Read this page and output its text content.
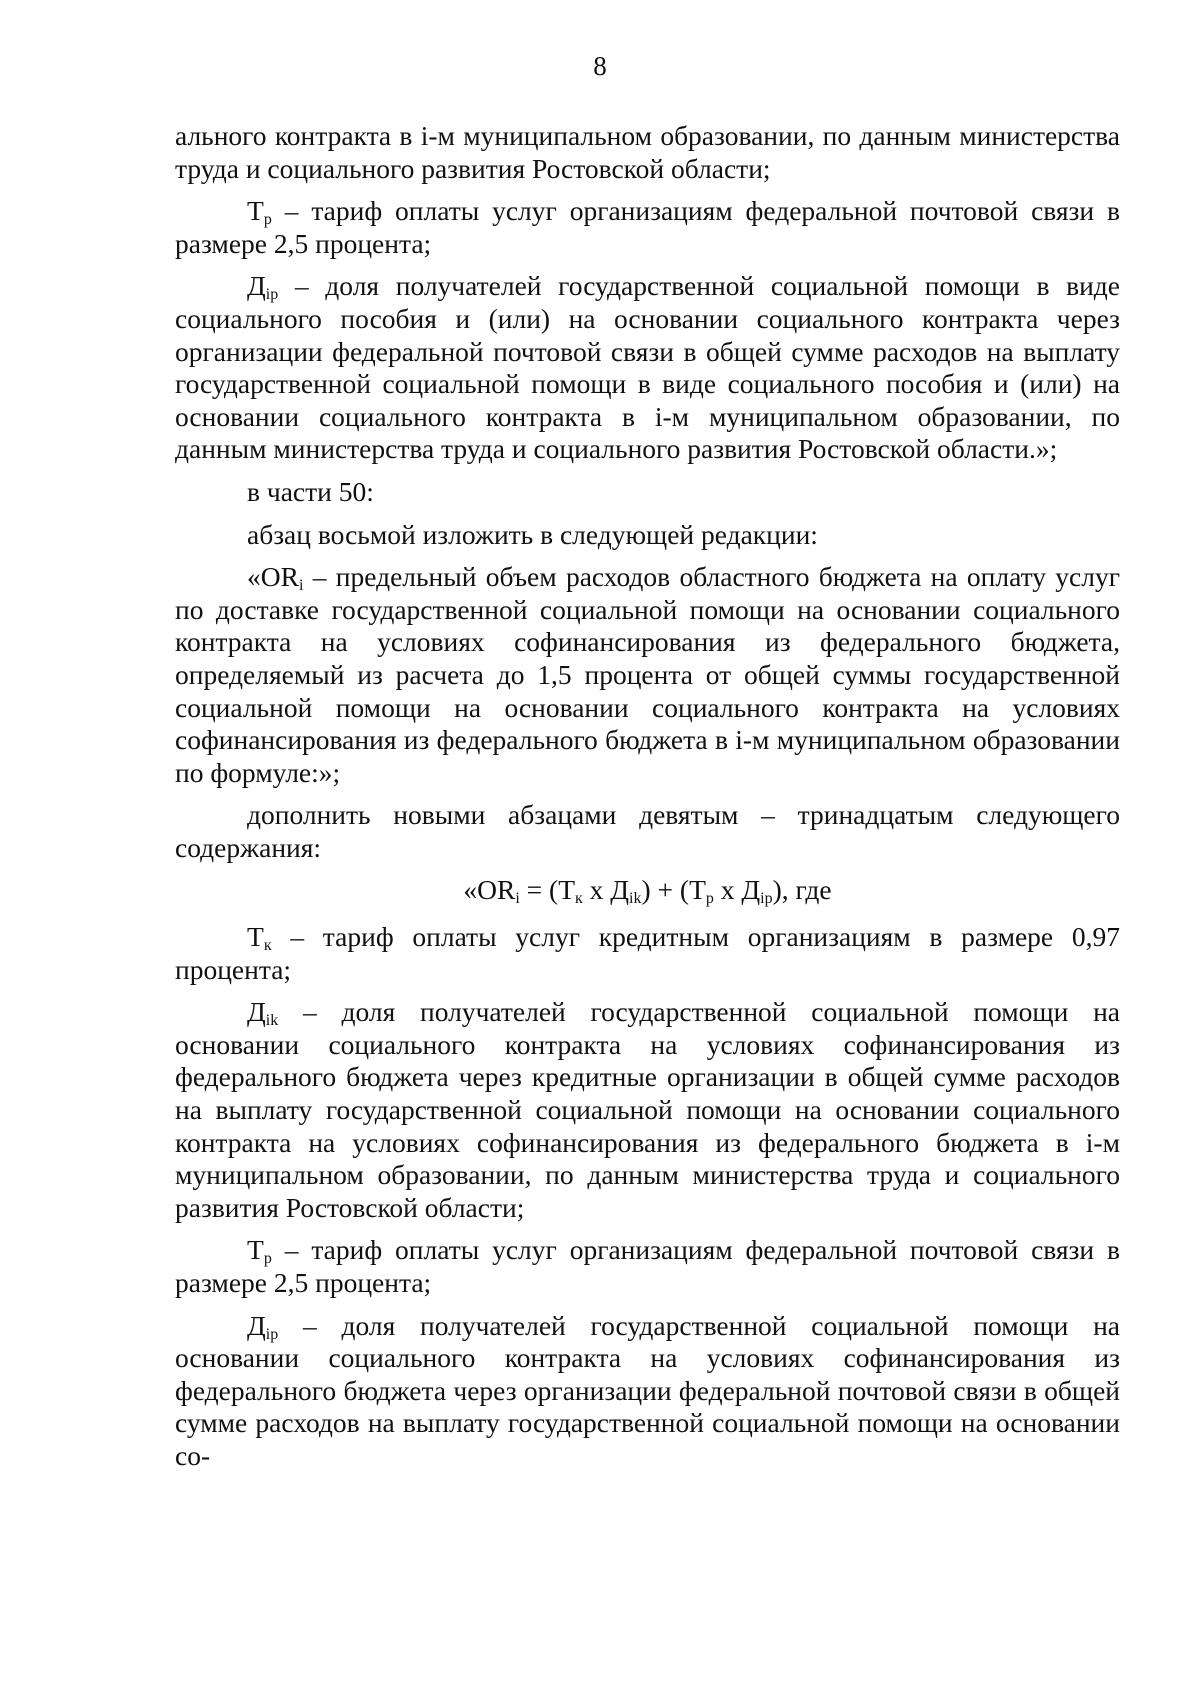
8

ального контракта в i-м муниципальном образовании, по данным министерства труда и социального развития Ростовской области;

$Т_р$ – тариф оплаты услуг организациям федеральной почтовой связи в размере 2,5 процента;

$Д_{iр}$ – доля получателей государственной социальной помощи в виде социального пособия и (или) на основании социального контракта через организации федеральной почтовой связи в общей сумме расходов на выплату государственной социальной помощи в виде социального пособия и (или) на основании социального контракта в i-м муниципальном образовании, по данным министерства труда и социального развития Ростовской области.»;

в части 50:

абзац восьмой изложить в следующей редакции:

«$OR_i$ – предельный объем расходов областного бюджета на оплату услуг по доставке государственной социальной помощи на основании социального контракта на условиях софинансирования из федерального бюджета, определяемый из расчета до 1,5 процента от общей суммы государственной социальной помощи на основании социального контракта на условиях софинансирования из федерального бюджета в i-м муниципальном образовании по формуле:»;

дополнить новыми абзацами девятым – тринадцатым следующего содержания:

«$OR_i = (Т_к$ х $Д_{ik}) + (Т_р$ х $Д_{iр}$), где

$Т_к$ – тариф оплаты услуг кредитным организациям в размере 0,97 процента;

$Д_{ik}$ – доля получателей государственной социальной помощи на основании социального контракта на условиях софинансирования из федерального бюджета через кредитные организации в общей сумме расходов на выплату государственной социальной помощи на основании социального контракта на условиях софинансирования из федерального бюджета в i-м муниципальном образовании, по данным министерства труда и социального развития Ростовской области;

$Т_р$ – тариф оплаты услуг организациям федеральной почтовой связи в размере 2,5 процента;

$Д_{iр}$ – доля получателей государственной социальной помощи на основании социального контракта на условиях софинансирования из федерального бюджета через организации федеральной почтовой связи в общей сумме расходов на выплату государственной социальной помощи на основании со-
